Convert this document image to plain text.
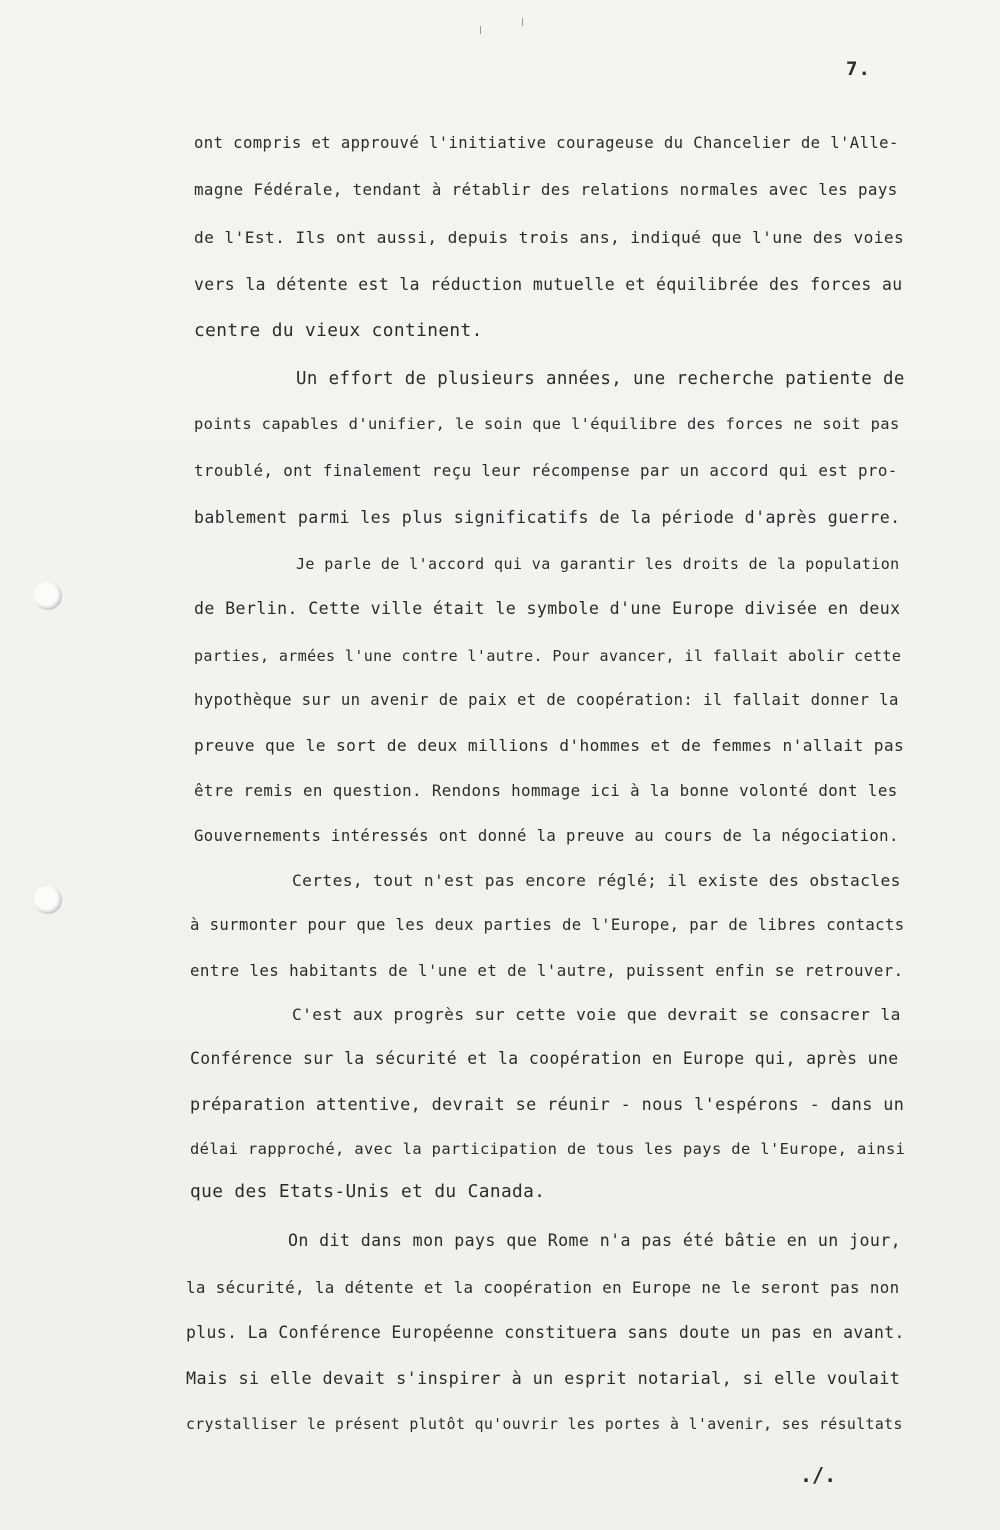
7.

ont compris et approuvé l'initiative courageuse du Chancelier de l'Alle-

magne Fédérale, tendant à rétablir des relations normales avec les pays

de l'Est. Ils ont aussi, depuis trois ans, indiqué que l'une des voies

vers la détente est la réduction mutuelle et équilibrée des forces au

centre du vieux continent.

Un effort de plusieurs années, une recherche patiente de

points capables d'unifier, le soin que l'équilibre des forces ne soit pas

troublé, ont finalement reçu leur récompense par un accord qui est pro-

bablement parmi les plus significatifs de la période d'après guerre.

Je parle de l'accord qui va garantir les droits de la population

de Berlin. Cette ville était le symbole d'une Europe divisée en deux

parties, armées l'une contre l'autre. Pour avancer, il fallait abolir cette

hypothèque sur un avenir de paix et de coopération: il fallait donner la

preuve que le sort de deux millions d'hommes et de femmes n'allait pas

être remis en question. Rendons hommage ici à la bonne volonté dont les

Gouvernements intéressés ont donné la preuve au cours de la négociation.

Certes, tout n'est pas encore réglé; il existe des obstacles

à surmonter pour que les deux parties de l'Europe, par de libres contacts

entre les habitants de l'une et de l'autre, puissent enfin se retrouver.

C'est aux progrès sur cette voie que devrait se consacrer la

Conférence sur la sécurité et la coopération en Europe qui, après une

préparation attentive, devrait se réunir - nous l'espérons - dans un

délai rapproché, avec la participation de tous les pays de l'Europe, ainsi

que des Etats-Unis et du Canada.

On dit dans mon pays que Rome n'a pas été bâtie en un jour,

la sécurité, la détente et la coopération en Europe ne le seront pas non

plus. La Conférence Européenne constituera sans doute un pas en avant.

Mais si elle devait s'inspirer à un esprit notarial, si elle voulait

crystalliser le présent plutôt qu'ouvrir les portes à l'avenir, ses résultats

./.
